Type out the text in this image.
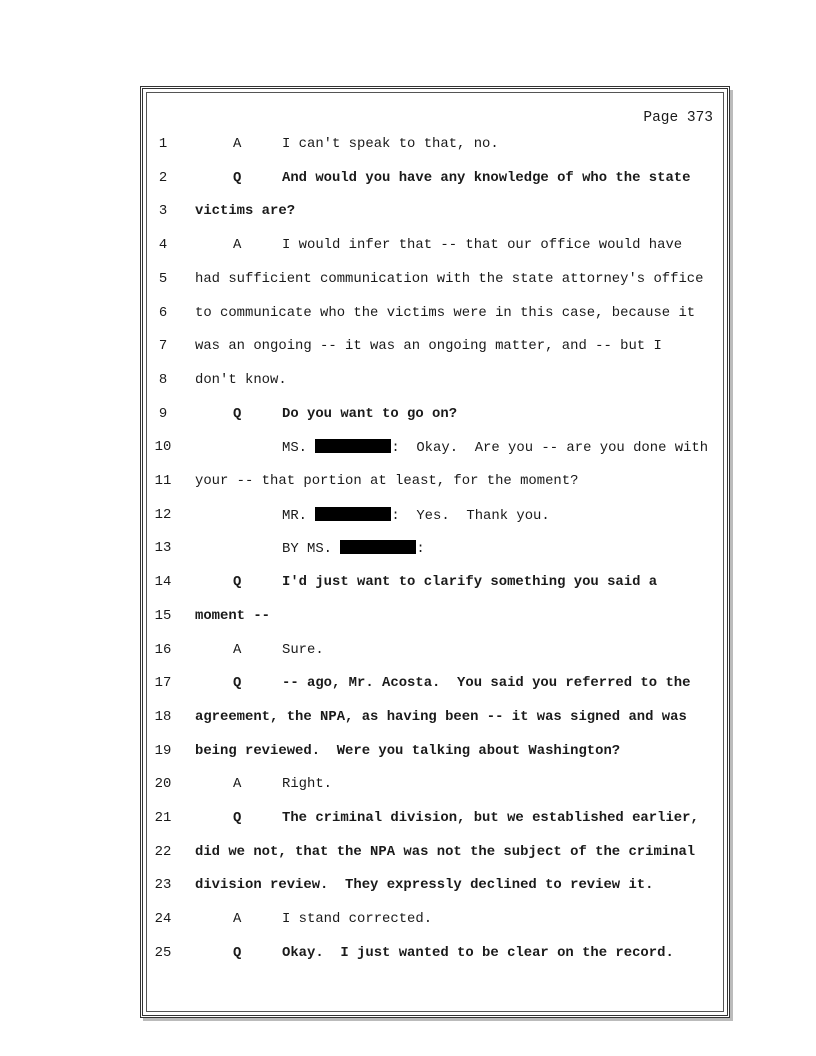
Page 373
1	A	I can't speak to that, no.
2	Q	And would you have any knowledge of who the state
3	victims are?
4	A	I would infer that -- that our office would have
5	had sufficient communication with the state attorney's office
6	to communicate who the victims were in this case, because it
7	was an ongoing -- it was an ongoing matter, and -- but I
8	don't know.
9	Q	Do you want to go on?
10	MS.	:  Okay.  Are you -- are you done with
11 your -- that portion at least, for the moment?
12	MR.	:  Yes.  Thank you.
13	BY MS.	:
14	Q	I'd just want to clarify something you said a
15 moment --
16	A	Sure.
17	Q	-- ago, Mr. Acosta.  You said you referred to the
18 agreement, the NPA, as having been -- it was signed and was
19 being reviewed.  Were you talking about Washington?
20	A	Right.
21	Q	The criminal division, but we established earlier,
22 did we not, that the NPA was not the subject of the criminal
23 division review.  They expressly declined to review it.
24	A	I stand corrected.
25	Q	Okay.  I just wanted to be clear on the record.
